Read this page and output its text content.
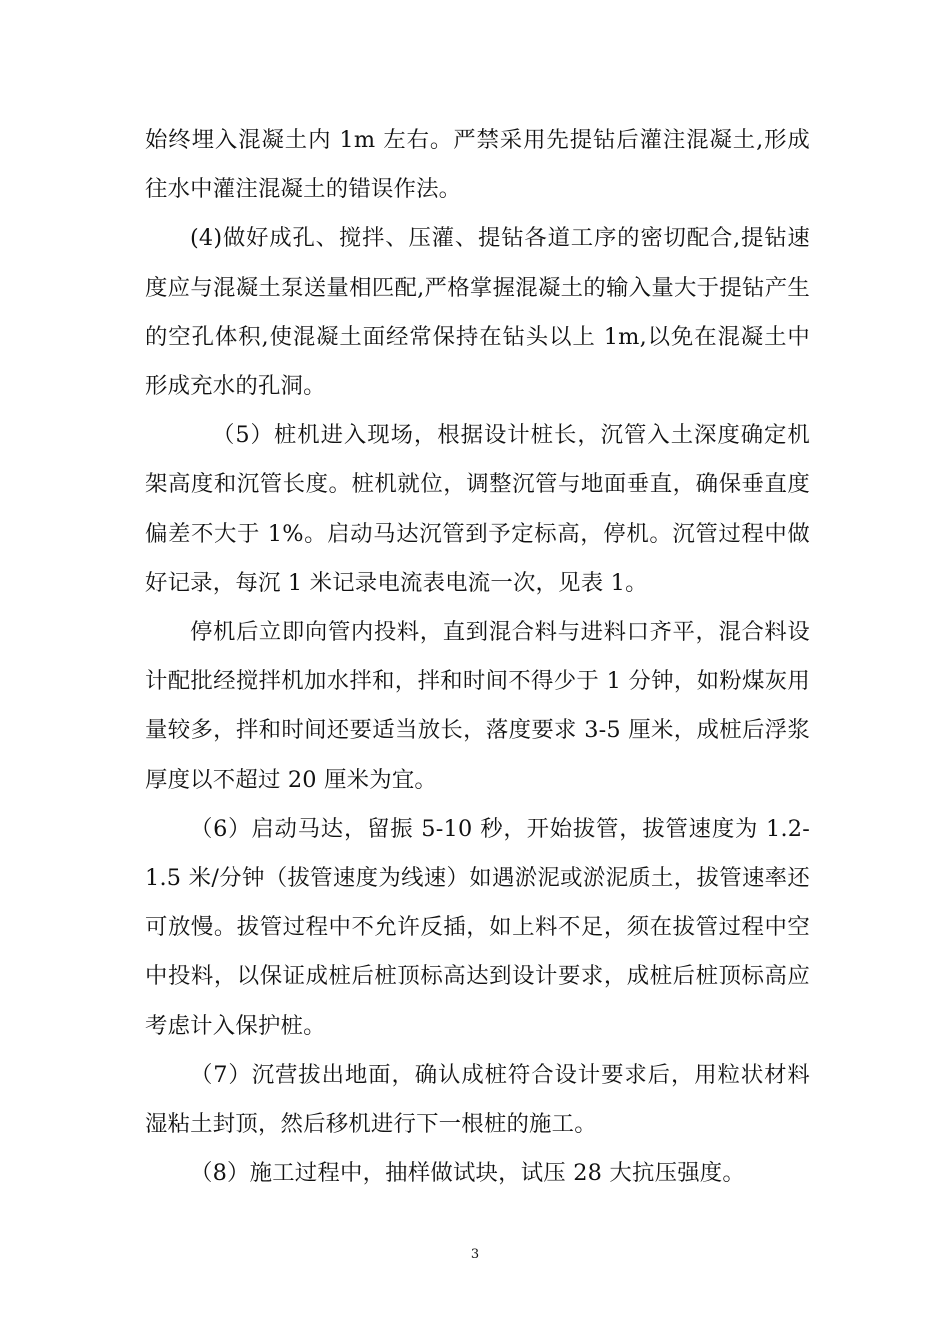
始终埋入混凝土内 1m 左右。严禁采用先提钻后灌注混凝土,形成往水中灌注混凝土的错误作法。

(4)做好成孔、搅拌、压灌、提钻各道工序的密切配合,提钻速度应与混凝土泵送量相匹配,严格掌握混凝土的输入量大于提钻产生的空孔体积,使混凝土面经常保持在钻头以上 1m,以免在混凝土中形成充水的孔洞。

（5）桩机进入现场，根据设计桩长，沉管入土深度确定机架高度和沉管长度。桩机就位，调整沉管与地面垂直，确保垂直度偏差不大于 1%。启动马达沉管到予定标高，停机。沉管过程中做好记录，每沉 1 米记录电流表电流一次，见表 1。

停机后立即向管内投料，直到混合料与进料口齐平，混合料设计配批经搅拌机加水拌和，拌和时间不得少于 1 分钟，如粉煤灰用量较多，拌和时间还要适当放长，落度要求 3-5 厘米，成桩后浮浆厚度以不超过 20 厘米为宜。

（6）启动马达，留振 5-10 秒，开始拔管，拔管速度为 1.2-1.5 米/分钟（拔管速度为线速）如遇淤泥或淤泥质土，拔管速率还可放慢。拔管过程中不允许反插，如上料不足，须在拔管过程中空中投料，以保证成桩后桩顶标高达到设计要求，成桩后桩顶标高应考虑计入保护桩。

（7）沉营拔出地面，确认成桩符合设计要求后，用粒状材料湿粘土封顶，然后移机进行下一根桩的施工。

（8）施工过程中，抽样做试块，试压 28 大抗压强度。

3
